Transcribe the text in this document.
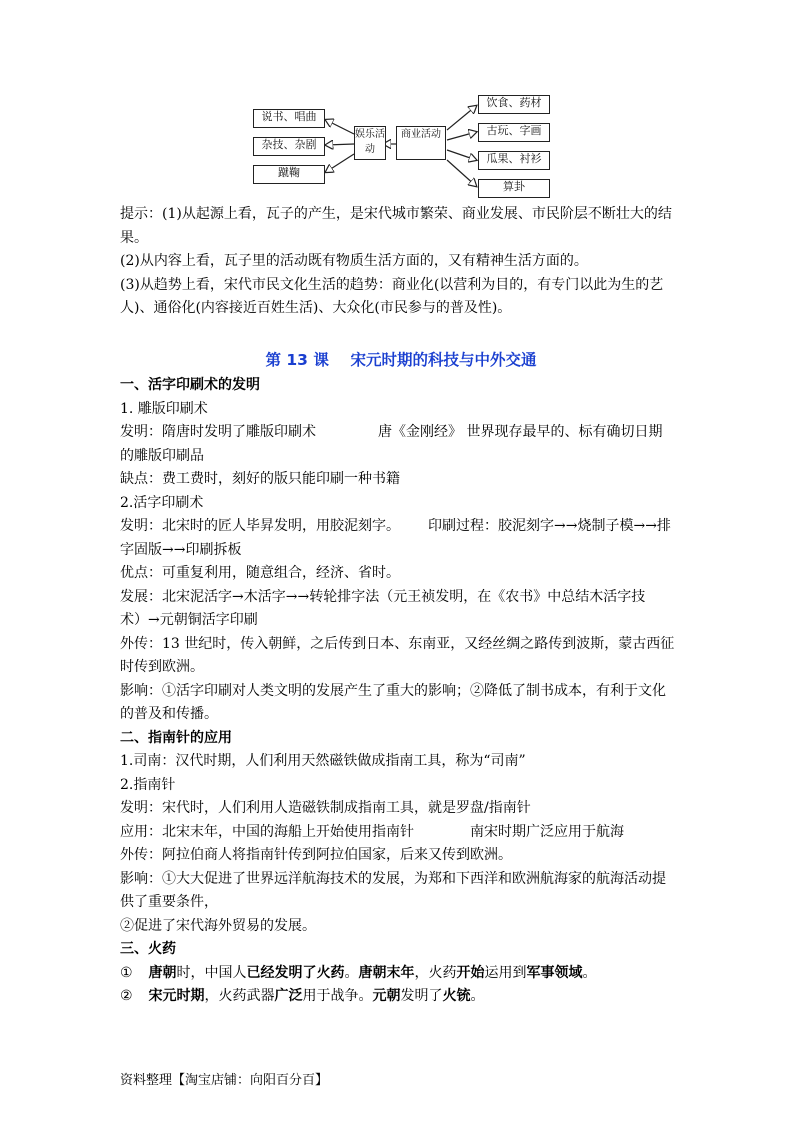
说书、唱曲
杂技、杂剧
蹴鞠
娱乐活动
商业活动
饮食、药材
古玩、字画
瓜果、衬衫
算卦

提示：(1)从起源上看，瓦子的产生，是宋代城市繁荣、商业发展、市民阶层不断壮大的结

果。

(2)从内容上看，瓦子里的活动既有物质生活方面的，又有精神生活方面的。

(3)从趋势上看，宋代市民文化生活的趋势：商业化(以营利为目的，有专门以此为生的艺

人)、通俗化(内容接近百姓生活)、大众化(市民参与的普及性)。

第 13 课 宋元时期的科技与中外交通

一、活字印刷术的发明

1. 雕版印刷术

发明：隋唐时发明了雕版印刷术	唐《金刚经》 世界现存最早的、标有确切日期

的雕版印刷品

缺点：费工费时，刻好的版只能印刷一种书籍

2.活字印刷术

发明：北宋时的匠人毕昇发明，用胶泥刻字。 印刷过程：胶泥刻字→→烧制子模→→排

字固版→→印刷拆板

优点：可重复利用，随意组合，经济、省时。

发展：北宋泥活字→木活字→→转轮排字法（元王祯发明，在《农书》中总结木活字技

术）→元朝铜活字印刷

外传：13 世纪时，传入朝鲜，之后传到日本、东南亚，又经丝绸之路传到波斯，蒙古西征

时传到欧洲。

影响：①活字印刷对人类文明的发展产生了重大的影响；②降低了制书成本，有利于文化

的普及和传播。

二、指南针的应用

1.司南：汉代时期，人们利用天然磁铁做成指南工具，称为“司南”

2.指南针

发明：宋代时，人们利用人造磁铁制成指南工具，就是罗盘/指南针

应用：北宋末年，中国的海船上开始使用指南针	南宋时期广泛应用于航海

外传：阿拉伯商人将指南针传到阿拉伯国家，后来又传到欧洲。

影响：①大大促进了世界远洋航海技术的发展，为郑和下西洋和欧洲航海家的航海活动提

供了重要条件，

②促进了宋代海外贸易的发展。

三、火药

① 唐朝时，中国人已经发明了火药。唐朝末年，火药开始运用到军事领域。

② 宋元时期，火药武器广泛用于战争。元朝发明了火铳。

资料整理【淘宝店铺：向阳百分百】
